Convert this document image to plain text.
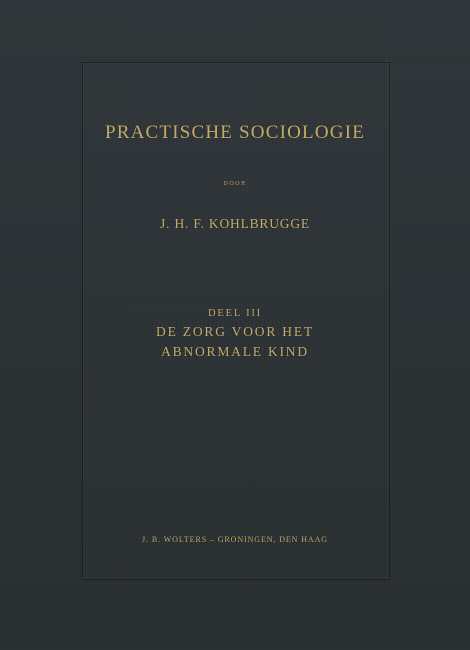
PRACTISCHE SOCIOLOGIE

DOOR

J. H. F. KOHLBRUGGE

DEEL III

DE ZORG VOOR HET

ABNORMALE KIND

J. B. WOLTERS – GRONINGEN, DEN HAAG
